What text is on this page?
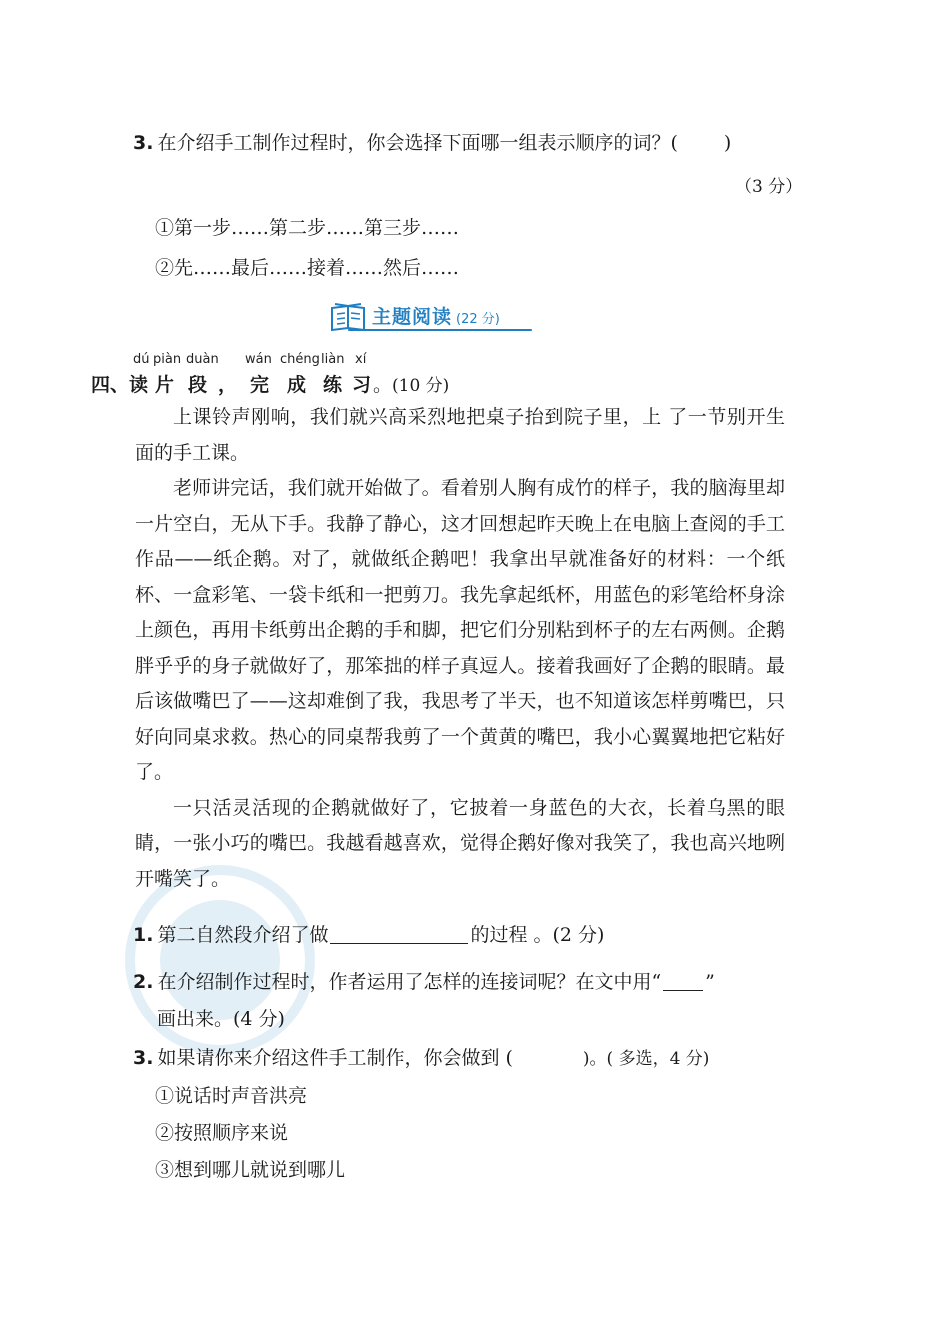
3. 在介绍手工制作过程时，你会选择下面哪一组表示顺序的词？( )
（3 分）
①第一步……第二步……第三步……
②先……最后……接着……然后……
主题阅读 (22 分)
dú piàn duàn wán chéng liàn xí
四、读 片 段 ， 完 成 练 习 。(10 分)

上课铃声刚响，我们就兴高采烈地把桌子抬到院子里，上 了一节别开生面的手工课。

老师讲完话，我们就开始做了。看着别人胸有成竹的样子，我的脑海里却一片空白，无从下手。我静了静心，这才回想起昨天晚上在电脑上查阅的手工作品——纸企鹅。对了，就做纸企鹅吧！我拿出早就准备好的材料：一个纸杯、一盒彩笔、一袋卡纸和一把剪刀。我先拿起纸杯，用蓝色的彩笔给杯身涂上颜色，再用卡纸剪出企鹅的手和脚，把它们分别粘到杯子的左右两侧。企鹅胖乎乎的身子就做好了，那笨拙的样子真逗人。接着我画好了企鹅的眼睛。最后该做嘴巴了——这却难倒了我，我思考了半天，也不知道该怎样剪嘴巴，只好向同桌求救。热心的同桌帮我剪了一个黄黄的嘴巴，我小心翼翼地把它粘好了。

一只活灵活现的企鹅就做好了，它披着一身蓝色的大衣，长着乌黑的眼睛，一张小巧的嘴巴。我越看越喜欢，觉得企鹅好像对我笑了，我也高兴地咧开嘴笑了。

1. 第二自然段介绍了做	的过程 。(2 分)
2. 在介绍制作过程时，作者运用了怎样的连接词呢？在文中用“ ”
画出来。(4 分)
3. 如果请你来介绍这件手工制作，你会做到 (	)。( 多选，4 分)
①说话时声音洪亮
②按照顺序来说
③想到哪儿就说到哪儿
